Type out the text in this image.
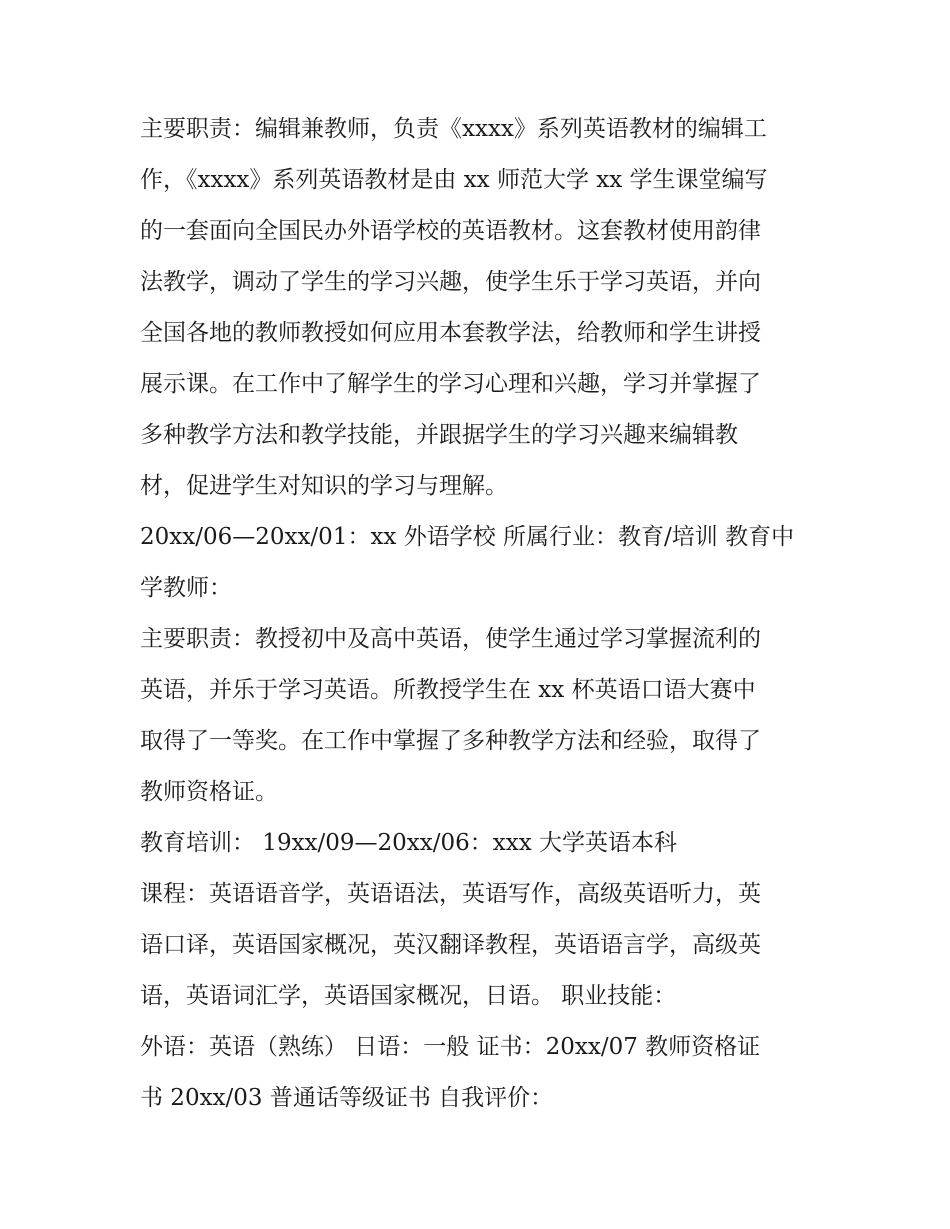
主要职责：编辑兼教师，负责《xxxx》系列英语教材的编辑工
作，《xxxx》系列英语教材是由 xx 师范大学 xx 学生课堂编写
的一套面向全国民办外语学校的英语教材。这套教材使用韵律
法教学，调动了学生的学习兴趣，使学生乐于学习英语，并向
全国各地的教师教授如何应用本套教学法，给教师和学生讲授
展示课。在工作中了解学生的学习心理和兴趣，学习并掌握了
多种教学方法和教学技能，并跟据学生的学习兴趣来编辑教
材，促进学生对知识的学习与理解。
20xx/06—20xx/01：xx 外语学校 所属行业：教育/培训 教育中
学教师：
主要职责：教授初中及高中英语，使学生通过学习掌握流利的
英语，并乐于学习英语。所教授学生在 xx 杯英语口语大赛中
取得了一等奖。在工作中掌握了多种教学方法和经验，取得了
教师资格证。
教育培训： 19xx/09—20xx/06：xxx 大学英语本科
课程：英语语音学，英语语法，英语写作，高级英语听力，英
语口译，英语国家概况，英汉翻译教程，英语语言学，高级英
语，英语词汇学，英语国家概况，日语。 职业技能：
外语：英语（熟练） 日语：一般 证书：20xx/07 教师资格证
书 20xx/03 普通话等级证书 自我评价：
